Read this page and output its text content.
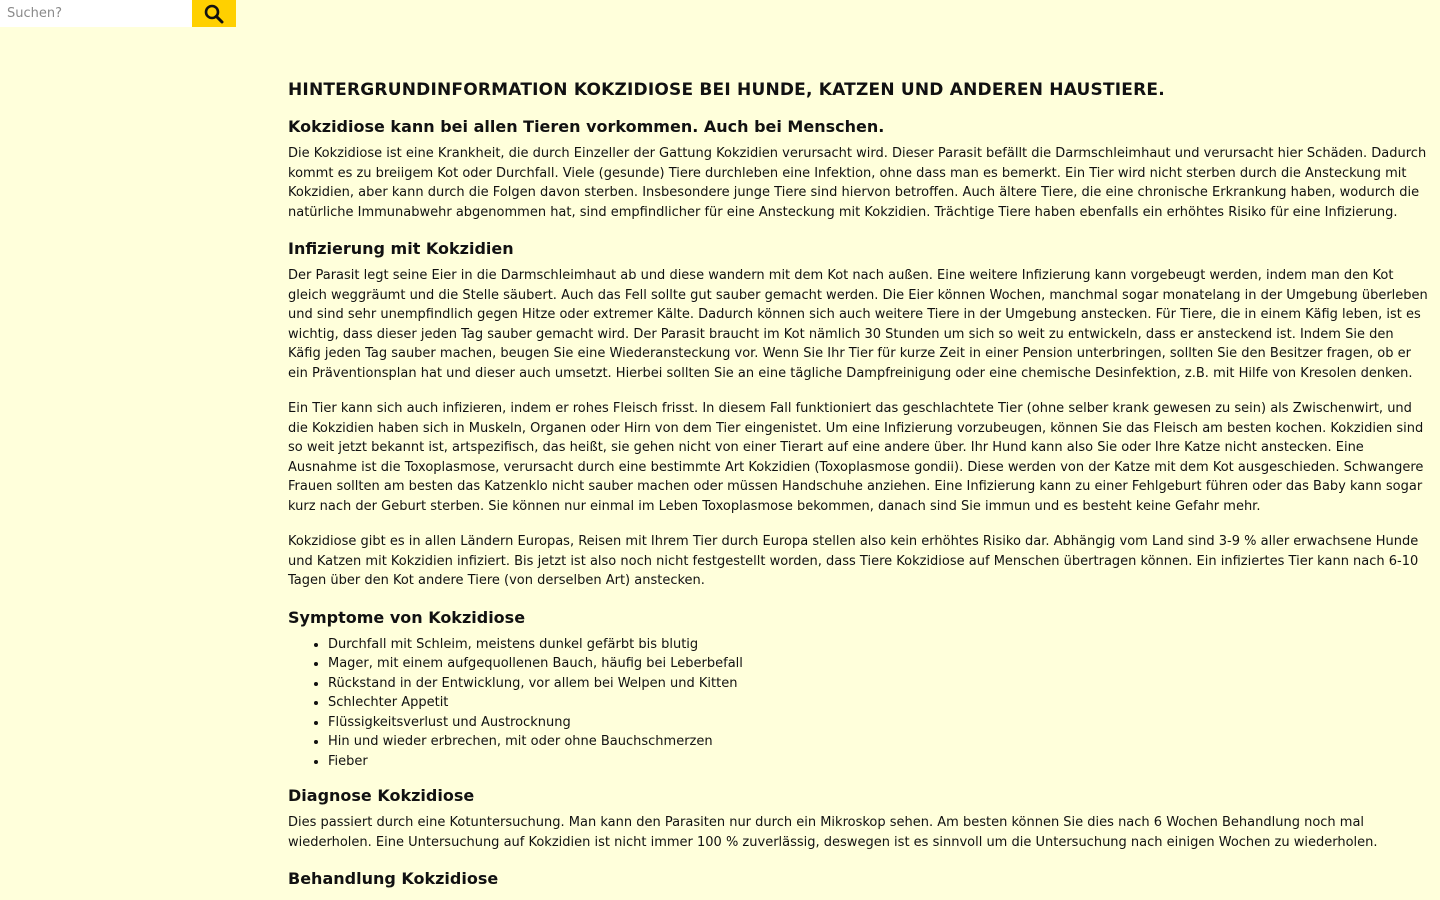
Suchen?
HINTERGRUNDINFORMATION KOKZIDIOSE BEI HUNDE, KATZEN UND ANDEREN HAUSTIERE.
Kokzidiose kann bei allen Tieren vorkommen. Auch bei Menschen.

Die Kokzidiose ist eine Krankheit, die durch Einzeller der Gattung Kokzidien verursacht wird. Dieser Parasit befällt die Darmschleimhaut und verursacht hier Schäden. Dadurch kommt es zu breiigem Kot oder Durchfall. Viele (gesunde) Tiere durchleben eine Infektion, ohne dass man es bemerkt. Ein Tier wird nicht sterben durch die Ansteckung mit Kokzidien, aber kann durch die Folgen davon sterben. Insbesondere junge Tiere sind hiervon betroffen. Auch ältere Tiere, die eine chronische Erkrankung haben, wodurch die natürliche Immunabwehr abgenommen hat, sind empfindlicher für eine Ansteckung mit Kokzidien. Trächtige Tiere haben ebenfalls ein erhöhtes Risiko für eine Infizierung.

Infizierung mit Kokzidien

Der Parasit legt seine Eier in die Darmschleimhaut ab und diese wandern mit dem Kot nach außen. Eine weitere Infizierung kann vorgebeugt werden, indem man den Kot gleich weggräumt und die Stelle säubert. Auch das Fell sollte gut sauber gemacht werden. Die Eier können Wochen, manchmal sogar monatelang in der Umgebung überleben und sind sehr unempfindlich gegen Hitze oder extremer Kälte. Dadurch können sich auch weitere Tiere in der Umgebung anstecken. Für Tiere, die in einem Käfig leben, ist es wichtig, dass dieser jeden Tag sauber gemacht wird. Der Parasit braucht im Kot nämlich 30 Stunden um sich so weit zu entwickeln, dass er ansteckend ist. Indem Sie den Käfig jeden Tag sauber machen, beugen Sie eine Wiederansteckung vor. Wenn Sie Ihr Tier für kurze Zeit in einer Pension unterbringen, sollten Sie den Besitzer fragen, ob er ein Präventionsplan hat und dieser auch umsetzt. Hierbei sollten Sie an eine tägliche Dampfreinigung oder eine chemische Desinfektion, z.B. mit Hilfe von Kresolen denken.

Ein Tier kann sich auch infizieren, indem er rohes Fleisch frisst. In diesem Fall funktioniert das geschlachtete Tier (ohne selber krank gewesen zu sein) als Zwischenwirt, und die Kokzidien haben sich in Muskeln, Organen oder Hirn von dem Tier eingenistet. Um eine Infizierung vorzubeugen, können Sie das Fleisch am besten kochen. Kokzidien sind so weit jetzt bekannt ist, artspezifisch, das heißt, sie gehen nicht von einer Tierart auf eine andere über. Ihr Hund kann also Sie oder Ihre Katze nicht anstecken. Eine Ausnahme ist die Toxoplasmose, verursacht durch eine bestimmte Art Kokzidien (Toxoplasmose gondii). Diese werden von der Katze mit dem Kot ausgeschieden. Schwangere Frauen sollten am besten das Katzenklo nicht sauber machen oder müssen Handschuhe anziehen. Eine Infizierung kann zu einer Fehlgeburt führen oder das Baby kann sogar kurz nach der Geburt sterben. Sie können nur einmal im Leben Toxoplasmose bekommen, danach sind Sie immun und es besteht keine Gefahr mehr.

Kokzidiose gibt es in allen Ländern Europas, Reisen mit Ihrem Tier durch Europa stellen also kein erhöhtes Risiko dar. Abhängig vom Land sind 3-9 % aller erwachsene Hunde und Katzen mit Kokzidien infiziert. Bis jetzt ist also noch nicht festgestellt worden, dass Tiere Kokzidiose auf Menschen übertragen können. Ein infiziertes Tier kann nach 6-10 Tagen über den Kot andere Tiere (von derselben Art) anstecken.

Symptome von Kokzidiose
• Durchfall mit Schleim, meistens dunkel gefärbt bis blutig
• Mager, mit einem aufgequollenen Bauch, häufig bei Leberbefall
• Rückstand in der Entwicklung, vor allem bei Welpen und Kitten
• Schlechter Appetit
• Flüssigkeitsverlust und Austrocknung
• Hin und wieder erbrechen, mit oder ohne Bauchschmerzen
• Fieber
Diagnose Kokzidiose

Dies passiert durch eine Kotuntersuchung. Man kann den Parasiten nur durch ein Mikroskop sehen. Am besten können Sie dies nach 6 Wochen Behandlung noch mal wiederholen. Eine Untersuchung auf Kokzidien ist nicht immer 100 % zuverlässig, deswegen ist es sinnvoll um die Untersuchung nach einigen Wochen zu wiederholen.

Behandlung Kokzidiose
